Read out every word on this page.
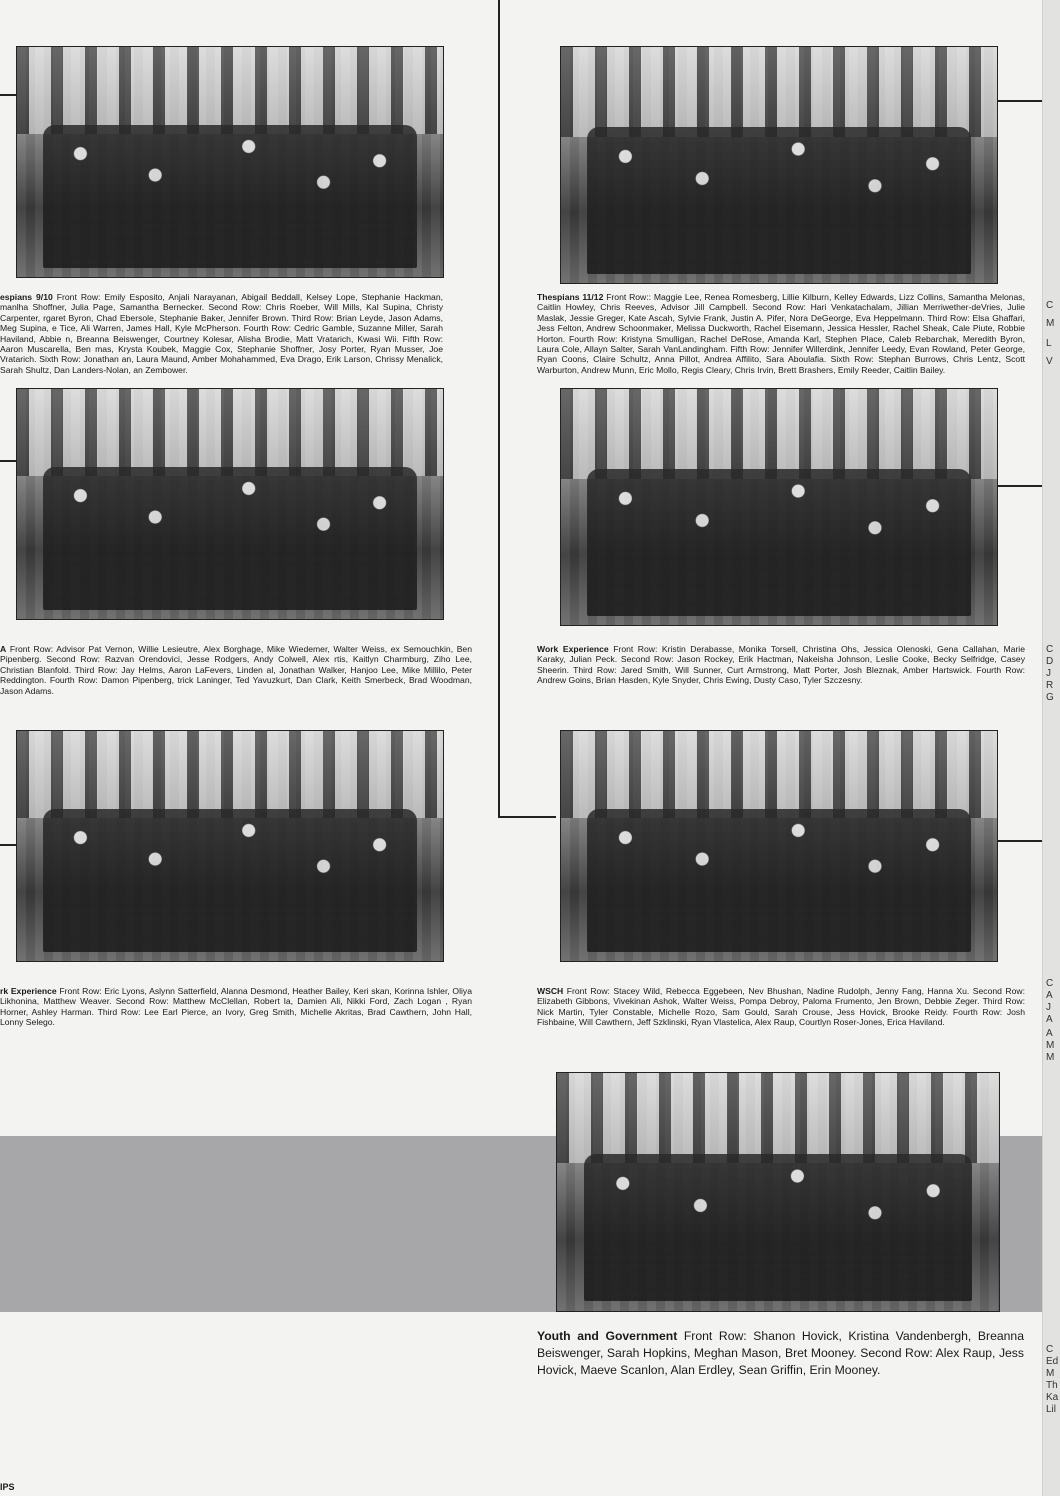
espians 9/10 Front Row: Emily Esposito, Anjali Narayanan, Abigail Beddall, Kelsey Lope, Stephanie Hackman, manlha Shoffner, Julia Page, Samantha Bernecker. Second Row: Chris Roeber, Will Mills, Kal Supina, Christy Carpenter, rgaret Byron, Chad Ebersole, Stephanie Baker, Jennifer Brown. Third Row: Brian Leyde, Jason Adams, Meg Supina, e Tice, Ali Warren, James Hall, Kyle McPherson. Fourth Row: Cedric Gamble, Suzanne Miller, Sarah Haviland, Abbie n, Breanna Beiswenger, Courtney Kolesar, Alisha Brodie, Matt Vratarich, Kwasi Wii. Fifth Row: Aaron Muscarella, Ben mas, Krysta Koubek, Maggie Cox, Stephanie Shoffner, Josy Porter, Ryan Musser, Joe Vratarich. Sixth Row: Jonathan an, Laura Maund, Amber Mohahammed, Eva Drago, Erik Larson, Chrissy Menalick, Sarah Shultz, Dan Landers-Nolan, an Zembower.

Thespians 11/12 Front Row:: Maggie Lee, Renea Romesberg, Lillie Kilburn, Kelley Edwards, Lizz Collins, Samantha Melonas, Caitlin Howley, Chris Reeves, Advisor Jill Campbell. Second Row: Hari Venkatachalam, Jillian Merriwether-deVries, Julie Maslak, Jessie Greger, Kate Ascah, Sylvie Frank, Justin A. Pifer, Nora DeGeorge, Eva Heppelmann. Third Row: Elsa Ghaffari, Jess Felton, Andrew Schoonmaker, Melissa Duckworth, Rachel Eisemann, Jessica Hessler, Rachel Sheak, Cale Piute, Robbie Horton. Fourth Row: Kristyna Smulligan, Rachel DeRose, Amanda Karl, Stephen Place, Caleb Rebarchak, Meredith Byron, Laura Cole, Allayn Salter, Sarah VanLandingham. Fifth Row: Jennifer Willerdink, Jennifer Leedy, Evan Rowland, Peter George, Ryan Coons, Claire Schultz, Anna Pillot, Andrea Affilito, Sara Aboulafia. Sixth Row: Stephan Burrows, Chris Lentz, Scott Warburton, Andrew Munn, Eric Mollo, Regis Cleary, Chris Irvin, Brett Brashers, Emily Reeder, Caitlin Bailey.

A Front Row: Advisor Pat Vernon, Willie Lesieutre, Alex Borghage, Mike Wiedemer, Walter Weiss, ex Semouchkin, Ben Pipenberg. Second Row: Razvan Orendovici, Jesse Rodgers, Andy Colwell, Alex rtis, Kaitlyn Charmburg, Ziho Lee, Christian Blanfold. Third Row: Jay Helms, Aaron LaFevers, Linden al, Jonathan Walker, Hanjoo Lee, Mike Millilo, Peter Reddington. Fourth Row: Damon Pipenberg, trick Laninger, Ted Yavuzkurt, Dan Clark, Keith Smerbeck, Brad Woodman, Jason Adams.

Work Experience Front Row: Kristin Derabasse, Monika Torsell, Christina Ohs, Jessica Olenoski, Gena Callahan, Marie Karaky, Julian Peck. Second Row: Jason Rockey, Erik Hactman, Nakeisha Johnson, Leslie Cooke, Becky Selfridge, Casey Sheerin. Third Row: Jared Smith, Will Sunner, Curt Armstrong, Matt Porter, Josh Bleznak, Amber Hartswick. Fourth Row: Andrew Goins, Brian Hasden, Kyle Snyder, Chris Ewing, Dusty Caso, Tyler Szczesny.

rk Experience Front Row: Eric Lyons, Aslynn Satterfield, Alanna Desmond, Heather Bailey, Keri skan, Korinna Ishler, Oliya Likhonina, Matthew Weaver. Second Row: Matthew McClellan, Robert la, Damien Ali, Nikki Ford, Zach Logan , Ryan Horner, Ashley Harman. Third Row: Lee Earl Pierce, an Ivory, Greg Smith, Michelle Akritas, Brad Cawthern, John Hall, Lonny Selego.

WSCH Front Row: Stacey Wild, Rebecca Eggebeen, Nev Bhushan, Nadine Rudolph, Jenny Fang, Hanna Xu. Second Row: Elizabeth Gibbons, Vivekinan Ashok, Walter Weiss, Pompa Debroy, Paloma Frumento, Jen Brown, Debbie Zeger. Third Row: Nick Martin, Tyler Constable, Michelle Rozo, Sam Gould, Sarah Crouse, Jess Hovick, Brooke Reidy. Fourth Row: Josh Fishbaine, Will Cawthern, Jeff Szklinski, Ryan Vlastelica, Alex Raup, Courtlyn Roser-Jones, Erica Haviland.

Youth and Government Front Row: Shanon Hovick, Kristina Vandenbergh, Breanna Beiswenger, Sarah Hopkins, Meghan Mason, Bret Mooney. Second Row: Alex Raup, Jess Hovick, Maeve Scanlon, Alan Erdley, Sean Griffin, Erin Mooney.

C

M

L

V

C

D

J

R

G

C

A

J

A

A

M

M

C

Ed

M

Th

Ka

Lil

IPS
